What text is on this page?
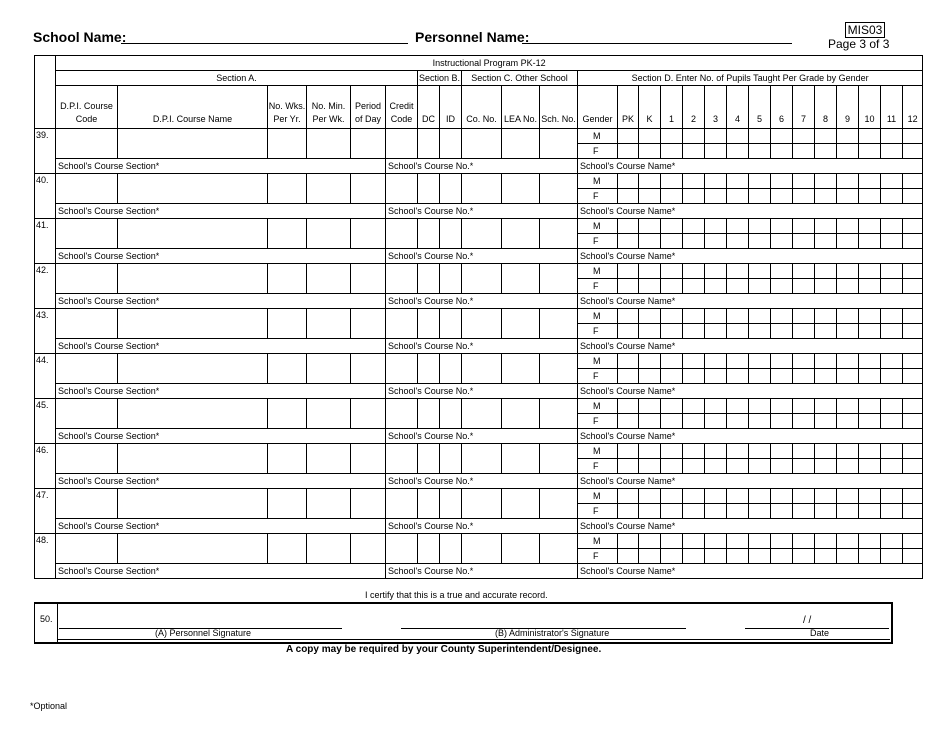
School Name:	Personnel Name:	MIS03
Page 3 of 3
	Instructional Program PK-12																									
	Section A.						Section B.		Section C. Other School			Section D. Enter No. of Pupils Taught Per Grade by Gender														
	D.P.I. Course Code	D.P.I. Course Name	No. Wks. Per Yr.	No. Min. Per Wk.	Period of Day	Credit Code	DC	ID	Co. No.	LEA No.	Sch. No.	Gender	PK	K	1	2	3	4	5	6	7	8	9	10	11	12
39.												M														
												F														
	School's Course Section*					School's Course No.*						School's Course Name*														
40.												M														
												F														
	School's Course Section*					School's Course No.*						School's Course Name*														
41.												M														
												F														
	School's Course Section*					School's Course No.*						School's Course Name*														
42.												M														
												F														
	School's Course Section*					School's Course No.*						School's Course Name*														
43.												M														
												F														
	School's Course Section*					School's Course No.*						School's Course Name*														
44.												M														
												F														
	School's Course Section*					School's Course No.*						School's Course Name*														
45.												M														
												F														
	School's Course Section*					School's Course No.*						School's Course Name*														
46.												M														
												F														
	School's Course Section*					School's Course No.*						School's Course Name*														
47.												M														
												F														
	School's Course Section*					School's Course No.*						School's Course Name*														
48.												M														
												F														
	School's Course Section*					School's Course No.*						School's Course Name*														
I certify that this is a true and accurate record.
50.
(A) Personnel Signature	(B) Administrator's Signature
/ /
Date
A copy may be required by your County Superintendent/Designee.
*Optional
